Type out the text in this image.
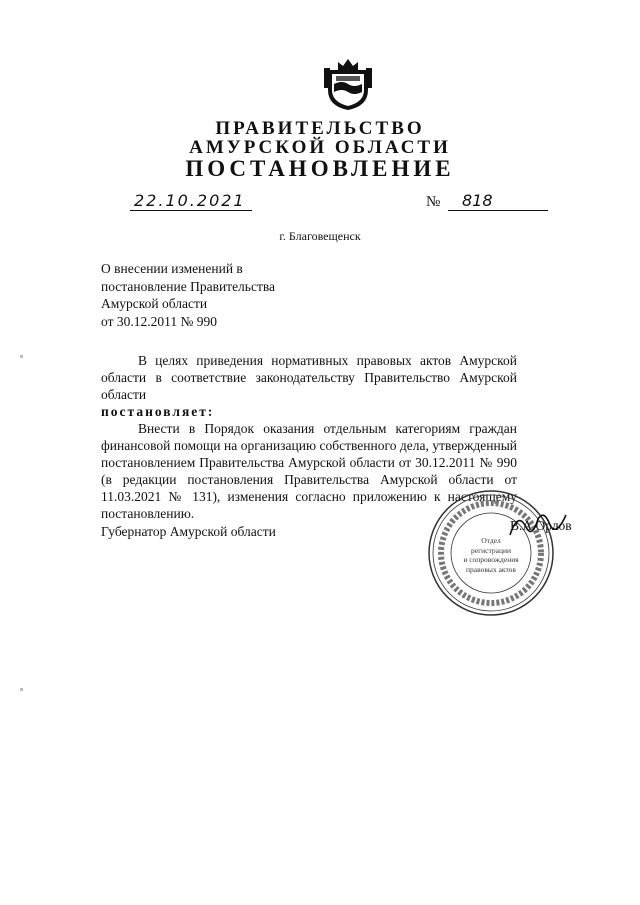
ПРАВИТЕЛЬСТВО
АМУРСКОЙ ОБЛАСТИ
ПОСТАНОВЛЕНИЕ
22.10.2021	№	818
г. Благовещенск
О внесении изменений в
постановление Правительства
Амурской области
от 30.12.2011 № 990

В целях приведения нормативных правовых актов Амурской области в соответствие законодательству Правительство Амурской области

постановляет:

Внести в Порядок оказания отдельным категориям граждан финансовой помощи на организацию собственного дела, утвержденный постановлением Правительства Амурской области от 30.12.2011 № 990 (в редакции постановления Правительства Амурской области от 11.03.2021 № 131), изменения согласно приложению к настоящему постановлению.

Губернатор Амурской области
Отдел
регистрации
и сопровождения
правовых актов
В.А.Орлов
